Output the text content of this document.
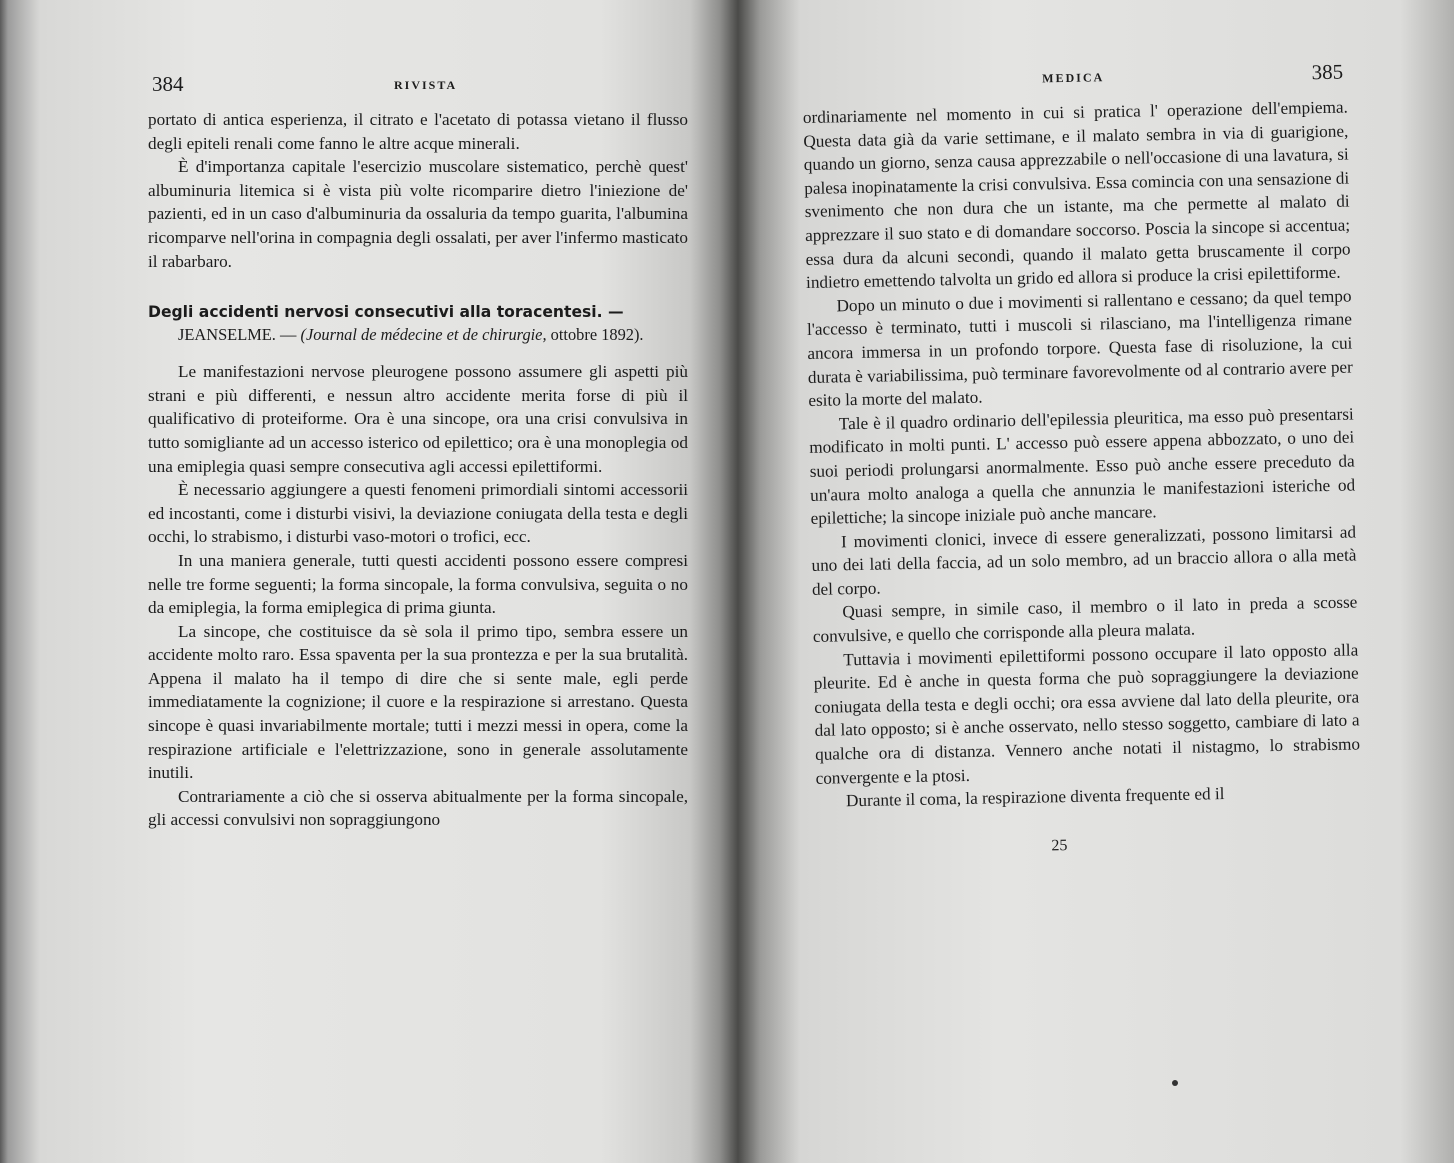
384	RIVISTA

portato di antica esperienza, il citrato e l'acetato di potassa vietano il flusso degli epiteli renali come fanno le altre acque minerali.

È d'importanza capitale l'esercizio muscolare sistematico, perchè quest' albuminuria litemica si è vista più volte ricomparire dietro l'iniezione de' pazienti, ed in un caso d'albuminuria da ossaluria da tempo guarita, l'albumina ricomparve nell'orina in compagnia degli ossalati, per aver l'infermo masticato il rabarbaro.

Degli accidenti nervosi consecutivi alla toracentesi. —

JEANSELME. — (Journal de médecine et de chirurgie, ottobre 1892).

Le manifestazioni nervose pleurogene possono assumere gli aspetti più strani e più differenti, e nessun altro accidente merita forse di più il qualificativo di proteiforme. Ora è una sincope, ora una crisi convulsiva in tutto somigliante ad un accesso isterico od epilettico; ora è una monoplegia od una emiplegia quasi sempre consecutiva agli accessi epilettiformi.

È necessario aggiungere a questi fenomeni primordiali sintomi accessorii ed incostanti, come i disturbi visivi, la deviazione coniugata della testa e degli occhi, lo strabismo, i disturbi vaso-motori o trofici, ecc.

In una maniera generale, tutti questi accidenti possono essere compresi nelle tre forme seguenti; la forma sincopale, la forma convulsiva, seguita o no da emiplegia, la forma emiplegica di prima giunta.

La sincope, che costituisce da sè sola il primo tipo, sembra essere un accidente molto raro. Essa spaventa per la sua prontezza e per la sua brutalità. Appena il malato ha il tempo di dire che si sente male, egli perde immediatamente la cognizione; il cuore e la respirazione si arrestano. Questa sincope è quasi invariabilmente mortale; tutti i mezzi messi in opera, come la respirazione artificiale e l'elettrizzazione, sono in generale assolutamente inutili.

Contrariamente a ciò che si osserva abitualmente per la forma sincopale, gli accessi convulsivi non sopraggiungono

MEDICA	385

ordinariamente nel momento in cui si pratica l' operazione dell'empiema. Questa data già da varie settimane, e il malato sembra in via di guarigione, quando un giorno, senza causa apprezzabile o nell'occasione di una lavatura, si palesa inopinatamente la crisi convulsiva. Essa comincia con una sensazione di svenimento che non dura che un istante, ma che permette al malato di apprezzare il suo stato e di domandare soccorso. Poscia la sincope si accentua; essa dura da alcuni secondi, quando il malato getta bruscamente il corpo indietro emettendo talvolta un grido ed allora si produce la crisi epilettiforme.

Dopo un minuto o due i movimenti si rallentano e cessano; da quel tempo l'accesso è terminato, tutti i muscoli si rilasciano, ma l'intelligenza rimane ancora immersa in un profondo torpore. Questa fase di risoluzione, la cui durata è variabilissima, può terminare favorevolmente od al contrario avere per esito la morte del malato.

Tale è il quadro ordinario dell'epilessia pleuritica, ma esso può presentarsi modificato in molti punti. L' accesso può essere appena abbozzato, o uno dei suoi periodi prolungarsi anormalmente. Esso può anche essere preceduto da un'aura molto analoga a quella che annunzia le manifestazioni isteriche od epilettiche; la sincope iniziale può anche mancare.

I movimenti clonici, invece di essere generalizzati, possono limitarsi ad uno dei lati della faccia, ad un solo membro, ad un braccio allora o alla metà del corpo.

Quasi sempre, in simile caso, il membro o il lato in preda a scosse convulsive, e quello che corrisponde alla pleura malata.

Tuttavia i movimenti epilettiformi possono occupare il lato opposto alla pleurite. Ed è anche in questa forma che può sopraggiungere la deviazione coniugata della testa e degli occhi; ora essa avviene dal lato della pleurite, ora dal lato opposto; si è anche osservato, nello stesso soggetto, cambiare di lato a qualche ora di distanza. Vennero anche notati il nistagmo, lo strabismo convergente e la ptosi.

Durante il coma, la respirazione diventa frequente ed il

25
